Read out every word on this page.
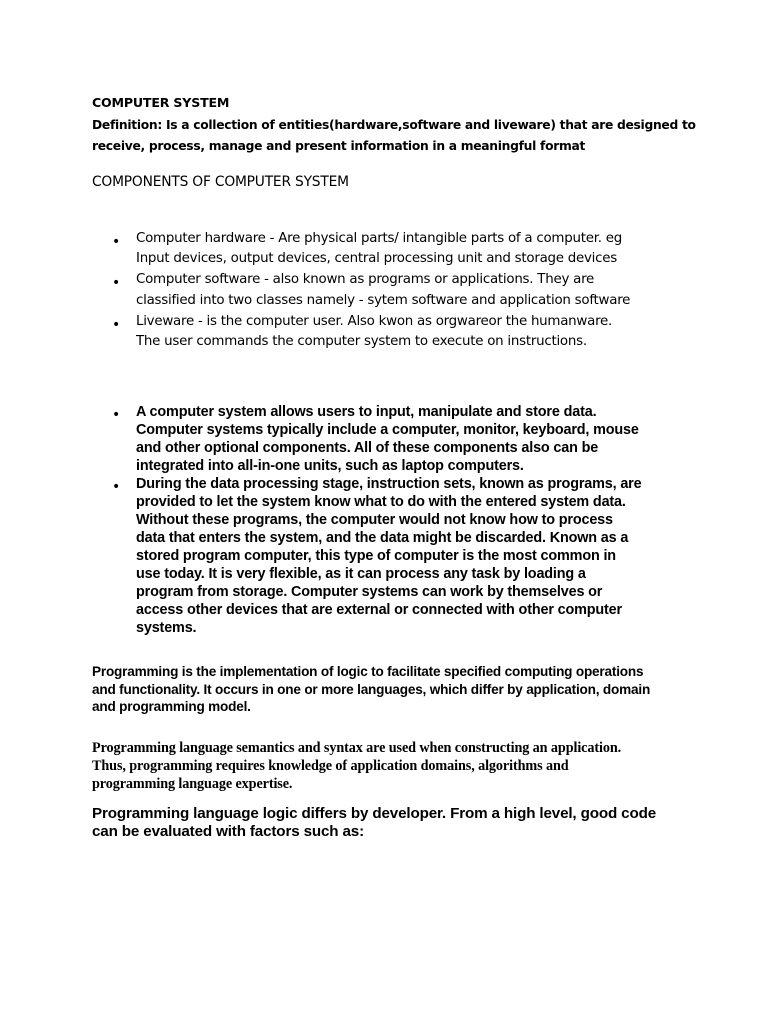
COMPUTER SYSTEM
Definition: Is a collection of entities(hardware,software and liveware) that are designed to
receive, process, manage and present information in a meaningful format
COMPONENTS OF COMPUTER SYSTEM
• Computer hardware - Are physical parts/ intangible parts of a computer. eg
Input devices, output devices, central processing unit and storage devices
• Computer software - also known as programs or applications. They are
classified into two classes namely - sytem software and application software
• Liveware - is the computer user. Also kwon as orgwareor the humanware.
The user commands the computer system to execute on instructions.
• A computer system allows users to input, manipulate and store data.
Computer systems typically include a computer, monitor, keyboard, mouse
and other optional components. All of these components also can be
integrated into all-in-one units, such as laptop computers.
• During the data processing stage, instruction sets, known as programs, are
provided to let the system know what to do with the entered system data.
Without these programs, the computer would not know how to process
data that enters the system, and the data might be discarded. Known as a
stored program computer, this type of computer is the most common in
use today. It is very flexible, as it can process any task by loading a
program from storage. Computer systems can work by themselves or
access other devices that are external or connected with other computer
systems.
Programming is the implementation of logic to facilitate specified computing operations
and functionality. It occurs in one or more languages, which differ by application, domain
and programming model.
Programming language semantics and syntax are used when constructing an application.
Thus, programming requires knowledge of application domains, algorithms and
programming language expertise.
Programming language logic differs by developer. From a high level, good code
can be evaluated with factors such as:
